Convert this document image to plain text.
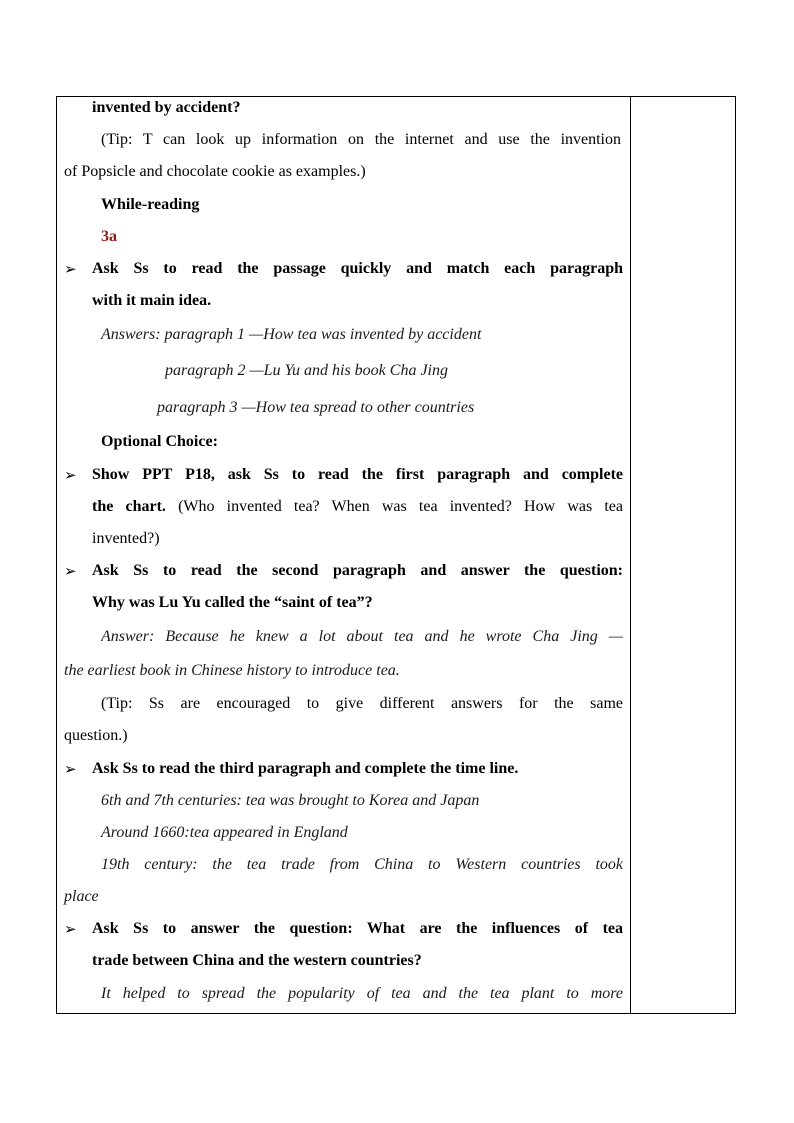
invented by accident?
(Tip: T can look up information on the internet and use the invention
of Popsicle and chocolate cookie as examples.)
While-reading
3a
➢ Ask Ss to read the passage quickly and match each paragraph
with it main idea.
Answers: paragraph 1 —How tea was invented by accident
paragraph 2 —Lu Yu and his book Cha Jing
paragraph 3 —How tea spread to other countries
Optional Choice:
➢ Show PPT P18, ask Ss to read the first paragraph and complete
the chart. (Who invented tea? When was tea invented? How was tea
invented?)
➢ Ask Ss to read the second paragraph and answer the question:
Why was Lu Yu called the “saint of tea”?
Answer: Because he knew a lot about tea and he wrote Cha Jing —
the earliest book in Chinese history to introduce tea.
(Tip: Ss are encouraged to give different answers for the same
question.)
➢ Ask Ss to read the third paragraph and complete the time line.
6th and 7th centuries: tea was brought to Korea and Japan
Around 1660:tea appeared in England
19th century: the tea trade from China to Western countries took
place
➢ Ask Ss to answer the question: What are the influences of tea
trade between China and the western countries?
It helped to spread the popularity of tea and the tea plant to more
